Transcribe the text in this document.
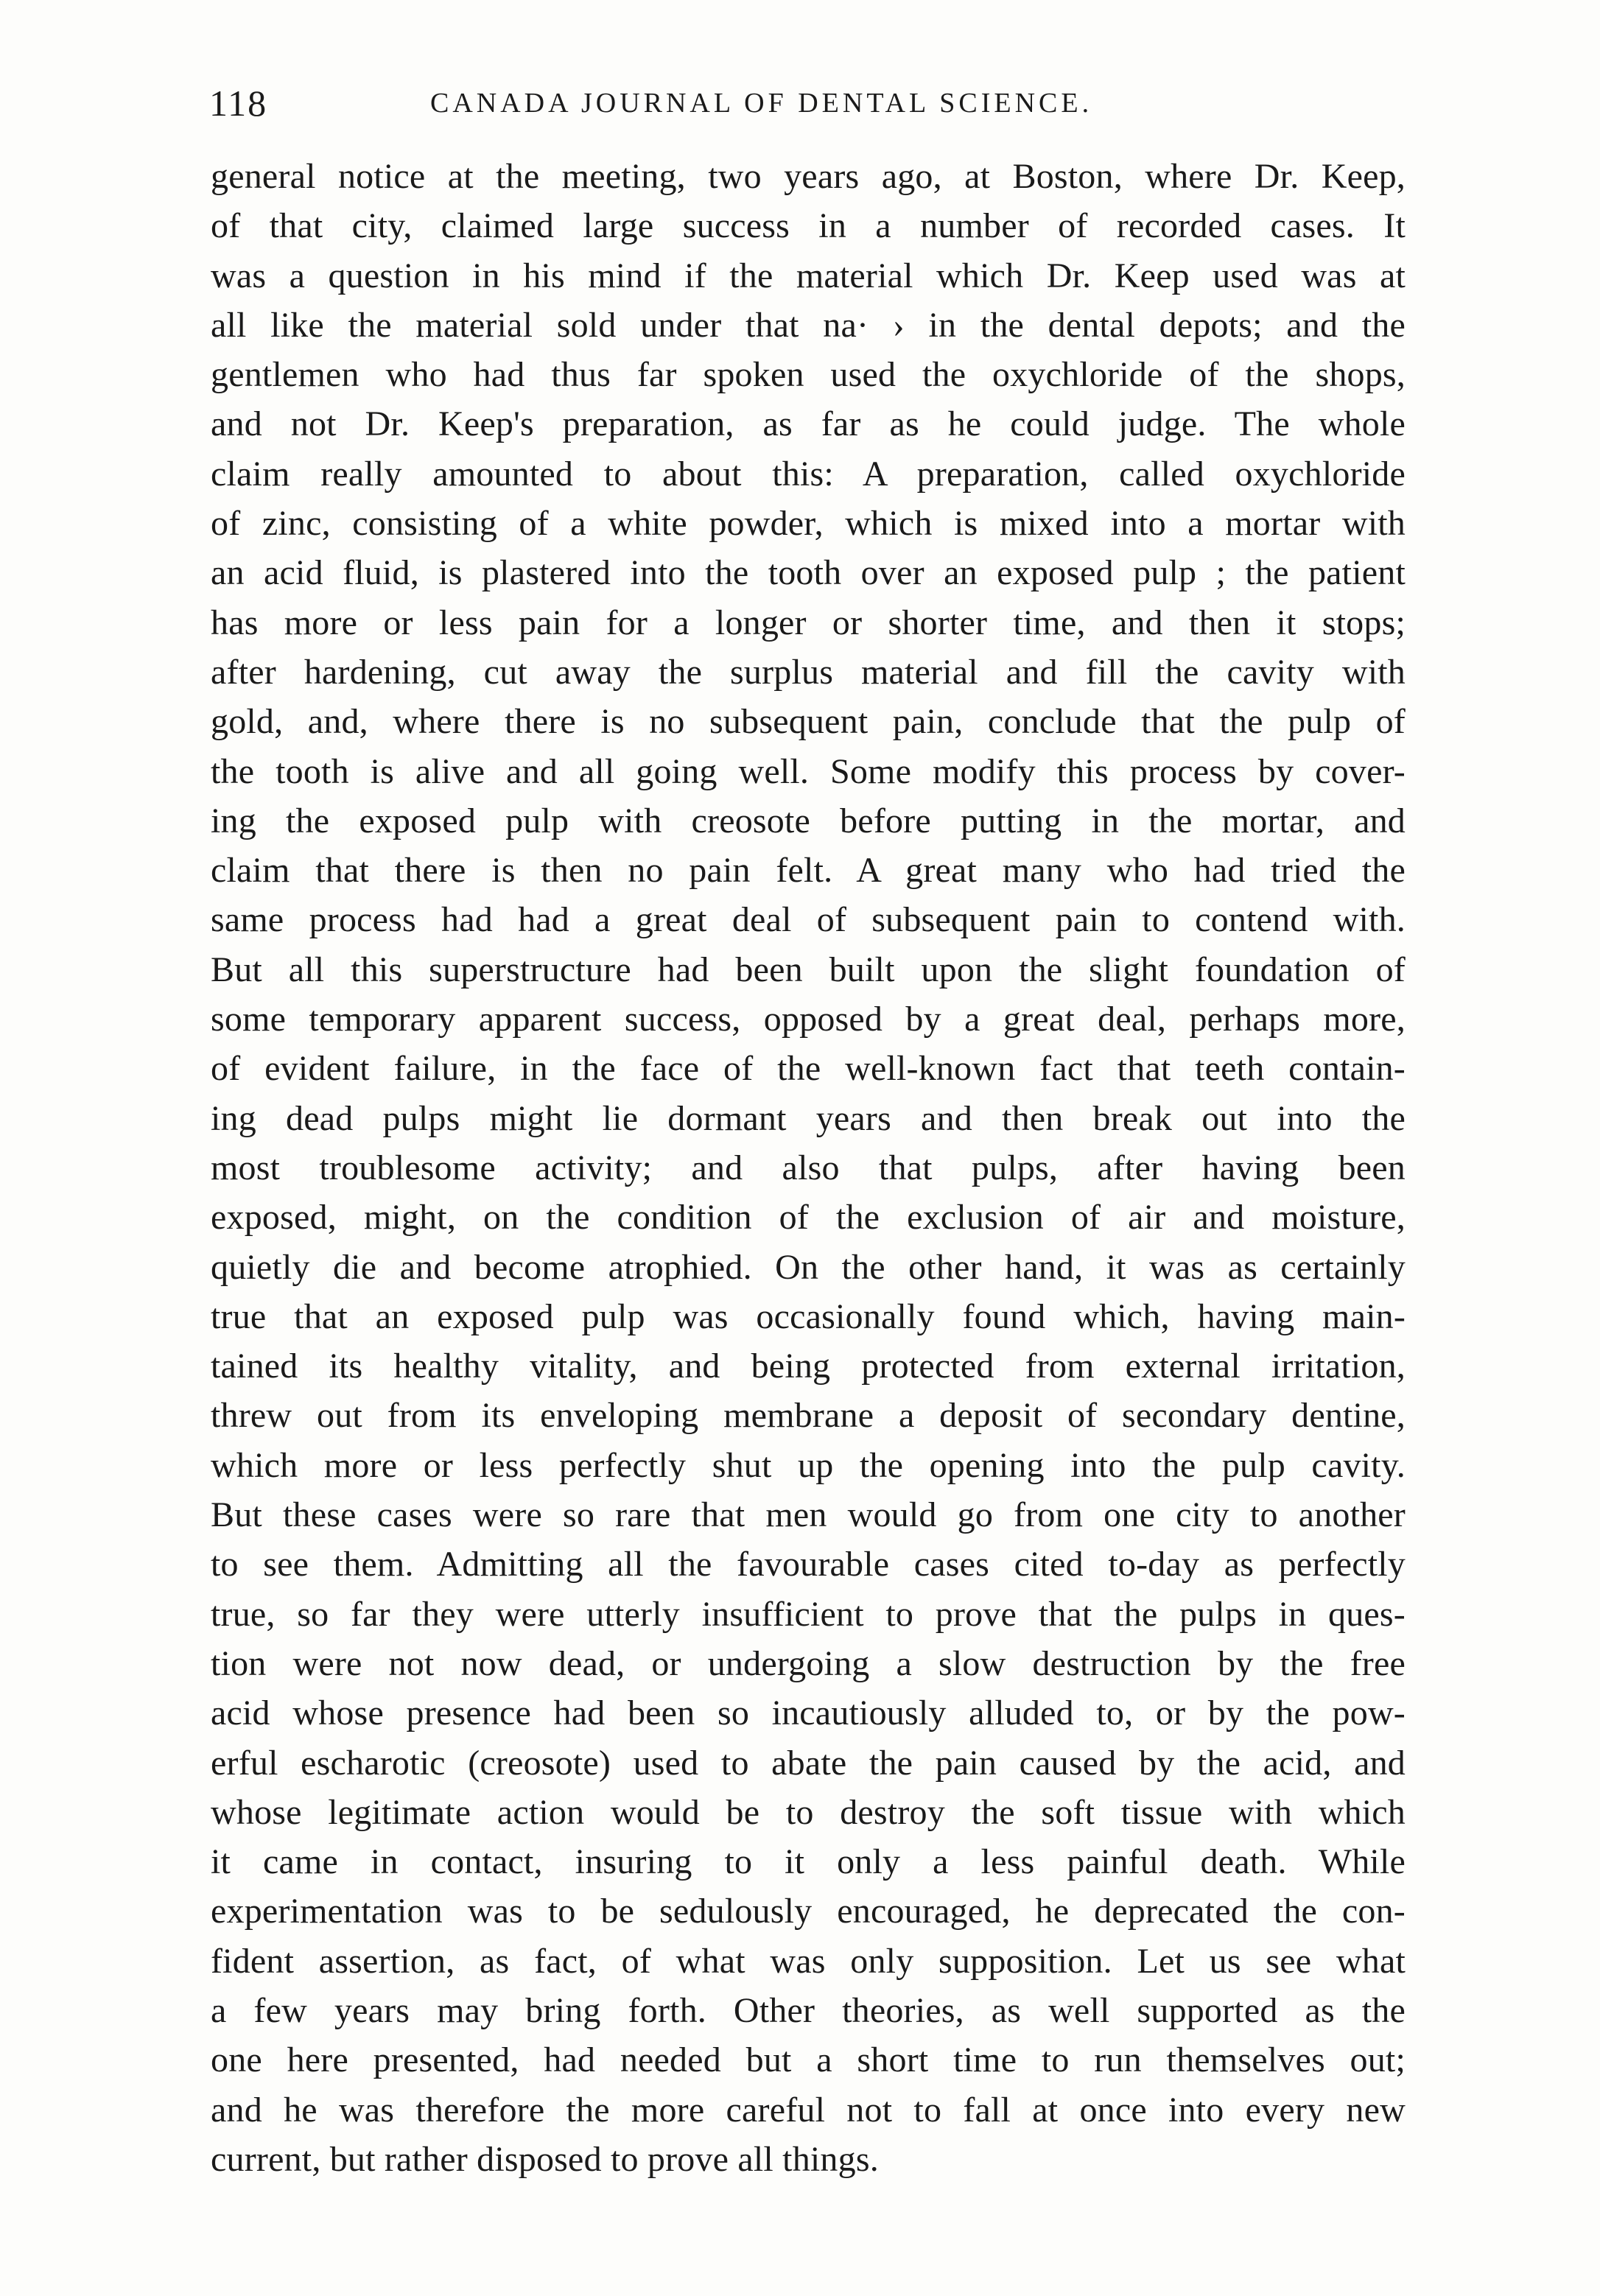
118	CANADA JOURNAL OF DENTAL SCIENCE.
general notice at the meeting, two years ago, at Boston, where Dr. Keep,
of that city, claimed large success in a number of recorded cases. It
was a question in his mind if the material which Dr. Keep used was at
all like the material sold under that na· › in the dental depots; and the
gentlemen who had thus far spoken used the oxychloride of the shops,
and not Dr. Keep's preparation, as far as he could judge. The whole
claim really amounted to about this: A preparation, called oxychloride
of zinc, consisting of a white powder, which is mixed into a mortar with
an acid fluid, is plastered into the tooth over an exposed pulp ; the patient
has more or less pain for a longer or shorter time, and then it stops;
after hardening, cut away the surplus material and fill the cavity with
gold, and, where there is no subsequent pain, conclude that the pulp of
the tooth is alive and all going well. Some modify this process by cover-
ing the exposed pulp with creosote before putting in the mortar, and
claim that there is then no pain felt. A great many who had tried the
same process had had a great deal of subsequent pain to contend with.
But all this superstructure had been built upon the slight foundation of
some temporary apparent success, opposed by a great deal, perhaps more,
of evident failure, in the face of the well-known fact that teeth contain-
ing dead pulps might lie dormant years and then break out into the
most troublesome activity; and also that pulps, after having been
exposed, might, on the condition of the exclusion of air and moisture,
quietly die and become atrophied. On the other hand, it was as certainly
true that an exposed pulp was occasionally found which, having main-
tained its healthy vitality, and being protected from external irritation,
threw out from its enveloping membrane a deposit of secondary dentine,
which more or less perfectly shut up the opening into the pulp cavity.
But these cases were so rare that men would go from one city to another
to see them. Admitting all the favourable cases cited to-day as perfectly
true, so far they were utterly insufficient to prove that the pulps in ques-
tion were not now dead, or undergoing a slow destruction by the free
acid whose presence had been so incautiously alluded to, or by the pow-
erful escharotic (creosote) used to abate the pain caused by the acid, and
whose legitimate action would be to destroy the soft tissue with which
it came in contact, insuring to it only a less painful death. While
experimentation was to be sedulously encouraged, he deprecated the con-
fident assertion, as fact, of what was only supposition. Let us see what
a few years may bring forth. Other theories, as well supported as the
one here presented, had needed but a short time to run themselves out;
and he was therefore the more careful not to fall at once into every new
current, but rather disposed to prove all things.
